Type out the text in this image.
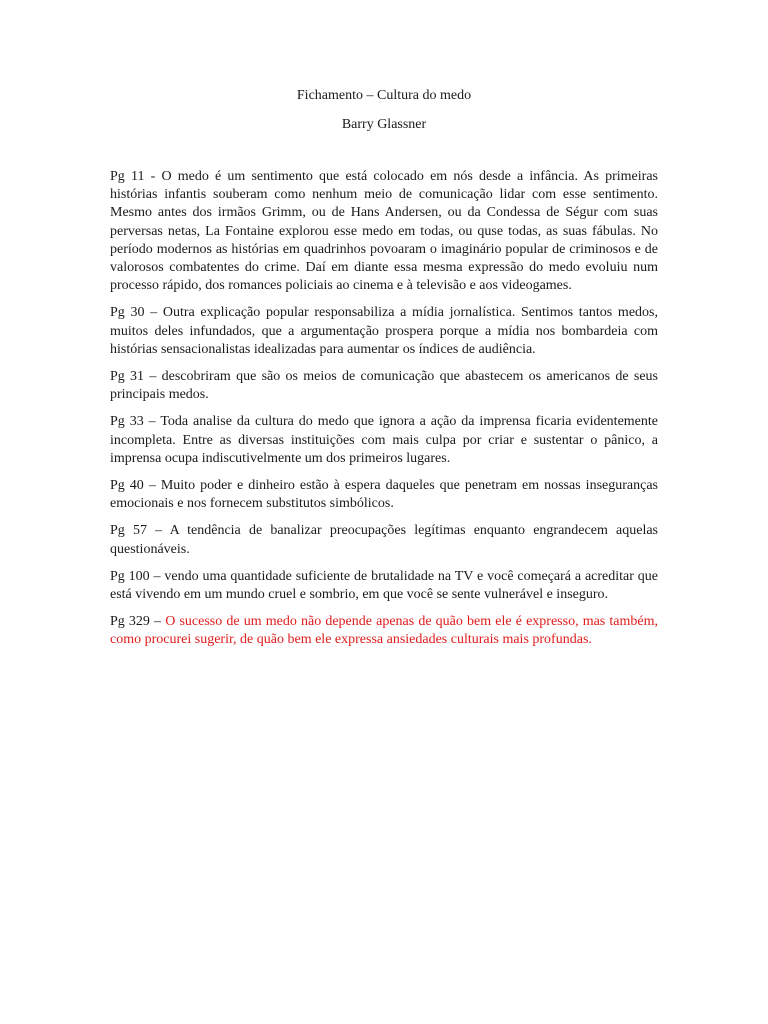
Fichamento – Cultura do medo

Barry Glassner

Pg 11 - O medo é um sentimento que está colocado em nós desde a infância. As primeiras histórias infantis souberam como nenhum meio de comunicação lidar com esse sentimento. Mesmo antes dos irmãos Grimm, ou de Hans Andersen, ou da Condessa de Ségur com suas perversas netas, La Fontaine explorou esse medo em todas, ou quse todas, as suas fábulas. No período modernos as histórias em quadrinhos povoaram o imaginário popular de criminosos e de valorosos combatentes do crime. Daí em diante essa mesma expressão do medo evoluiu num processo rápido, dos romances policiais ao cinema e à televisão e aos videogames.

Pg 30 – Outra explicação popular responsabiliza a mídia jornalística. Sentimos tantos medos, muitos deles infundados, que a argumentação prospera porque a mídia nos bombardeia com histórias sensacionalistas idealizadas para aumentar os índices de audiência.

Pg 31 – descobriram que são os meios de comunicação que abastecem os americanos de seus principais medos.

Pg 33 – Toda analise da cultura do medo que ignora a ação da imprensa ficaria evidentemente incompleta. Entre as diversas instituições com mais culpa por criar e sustentar o pânico, a imprensa ocupa indiscutivelmente um dos primeiros lugares.

Pg 40 – Muito poder e dinheiro estão à espera daqueles que penetram em nossas inseguranças emocionais e nos fornecem substitutos simbólicos.

Pg 57 – A tendência de banalizar preocupações legítimas enquanto engrandecem aquelas questionáveis.

Pg 100 – vendo uma quantidade suficiente de brutalidade na TV e você começará a acreditar que está vivendo em um mundo cruel e sombrio, em que você se sente vulnerável e inseguro.

Pg 329 – O sucesso de um medo não depende apenas de quão bem ele é expresso, mas também, como procurei sugerir, de quão bem ele expressa ansiedades culturais mais profundas.
